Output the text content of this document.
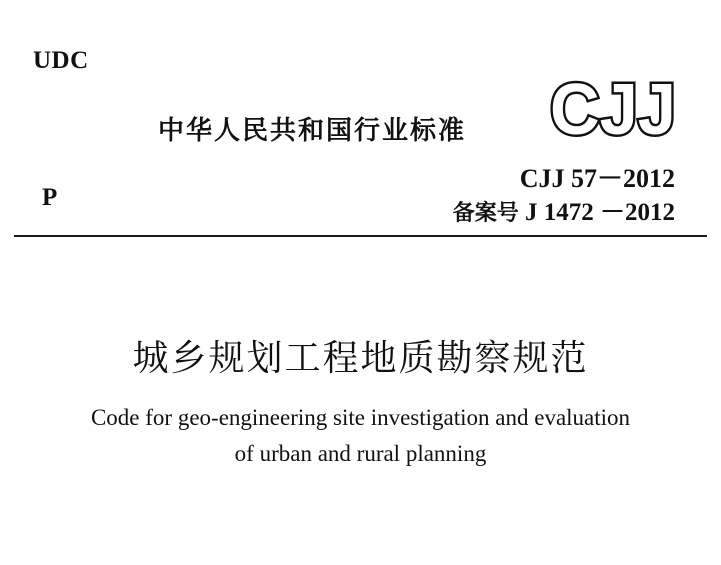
UDC
中华人民共和国行业标准 CJJ
CJJ 57－2012
P
备案号 J 1472 －2012
城乡规划工程地质勘察规范
Code for geo-engineering site investigation and evaluation
of urban and rural planning
